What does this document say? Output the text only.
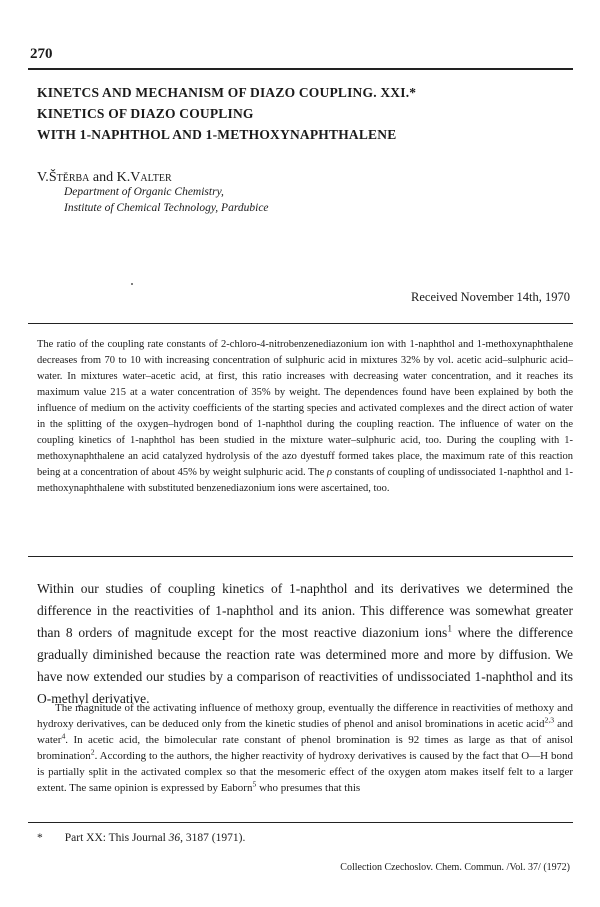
270
KINETCS AND MECHANISM OF DIAZO COUPLING. XXI.*
KINETICS OF DIAZO COUPLING
WITH 1-NAPHTHOL AND 1-METHOXYNAPHTHALENE
V.Štěrba and K.Valter
Department of Organic Chemistry,
Institute of Chemical Technology, Pardubice
Received November 14th, 1970

The ratio of the coupling rate constants of 2-chloro-4-nitrobenzenediazonium ion with 1-naphthol and 1-methoxynaphthalene decreases from 70 to 10 with increasing concentration of sulphuric acid in mixtures 32% by vol. acetic acid–sulphuric acid–water. In mixtures water–acetic acid, at first, this ratio increases with decreasing water concentration, and it reaches its maximum value 215 at a water concentration of 35% by weight. The dependences found have been explained by both the influence of medium on the activity coefficients of the starting species and activated complexes and the direct action of water in the splitting of the oxygen–hydrogen bond of 1-naphthol during the coupling reaction. The influence of water on the coupling kinetics of 1-naphthol has been studied in the mixture water–sulphuric acid, too. During the coupling with 1-methoxynaphthalene an acid catalyzed hydrolysis of the azo dyestuff formed takes place, the maximum rate of this reaction being at a concentration of about 45% by weight sulphuric acid. The ρ constants of coupling of undissociated 1-naphthol and 1-methoxynaphthalene with substituted benzenediazonium ions were ascertained, too.

Within our studies of coupling kinetics of 1-naphthol and its derivatives we determined the difference in the reactivities of 1-naphthol and its anion. This difference was somewhat greater than 8 orders of magnitude except for the most reactive diazonium ions$^1$ where the difference gradually diminished because the reaction rate was determined more and more by diffusion. We have now extended our studies by a comparison of reactivities of undissociated 1-naphthol and its O-methyl derivative.

The magnitude of the activating influence of methoxy group, eventually the difference in reactivities of methoxy and hydroxy derivatives, can be deduced only from the kinetic studies of phenol and anisol brominations in acetic acid$^{2,3}$ and water$^4$. In acetic acid, the bimolecular rate constant of phenol bromination is 92 times as large as that of anisol bromination$^2$. According to the authors, the higher reactivity of hydroxy derivatives is caused by the fact that O—H bond is partially split in the activated complex so that the mesomeric effect of the oxygen atom makes itself felt to a larger extent. The same opinion is expressed by Eaborn$^5$ who presumes that this

* Part XX: This Journal 36, 3187 (1971).
Collection Czechoslov. Chem. Commun. /Vol. 37/ (1972)
